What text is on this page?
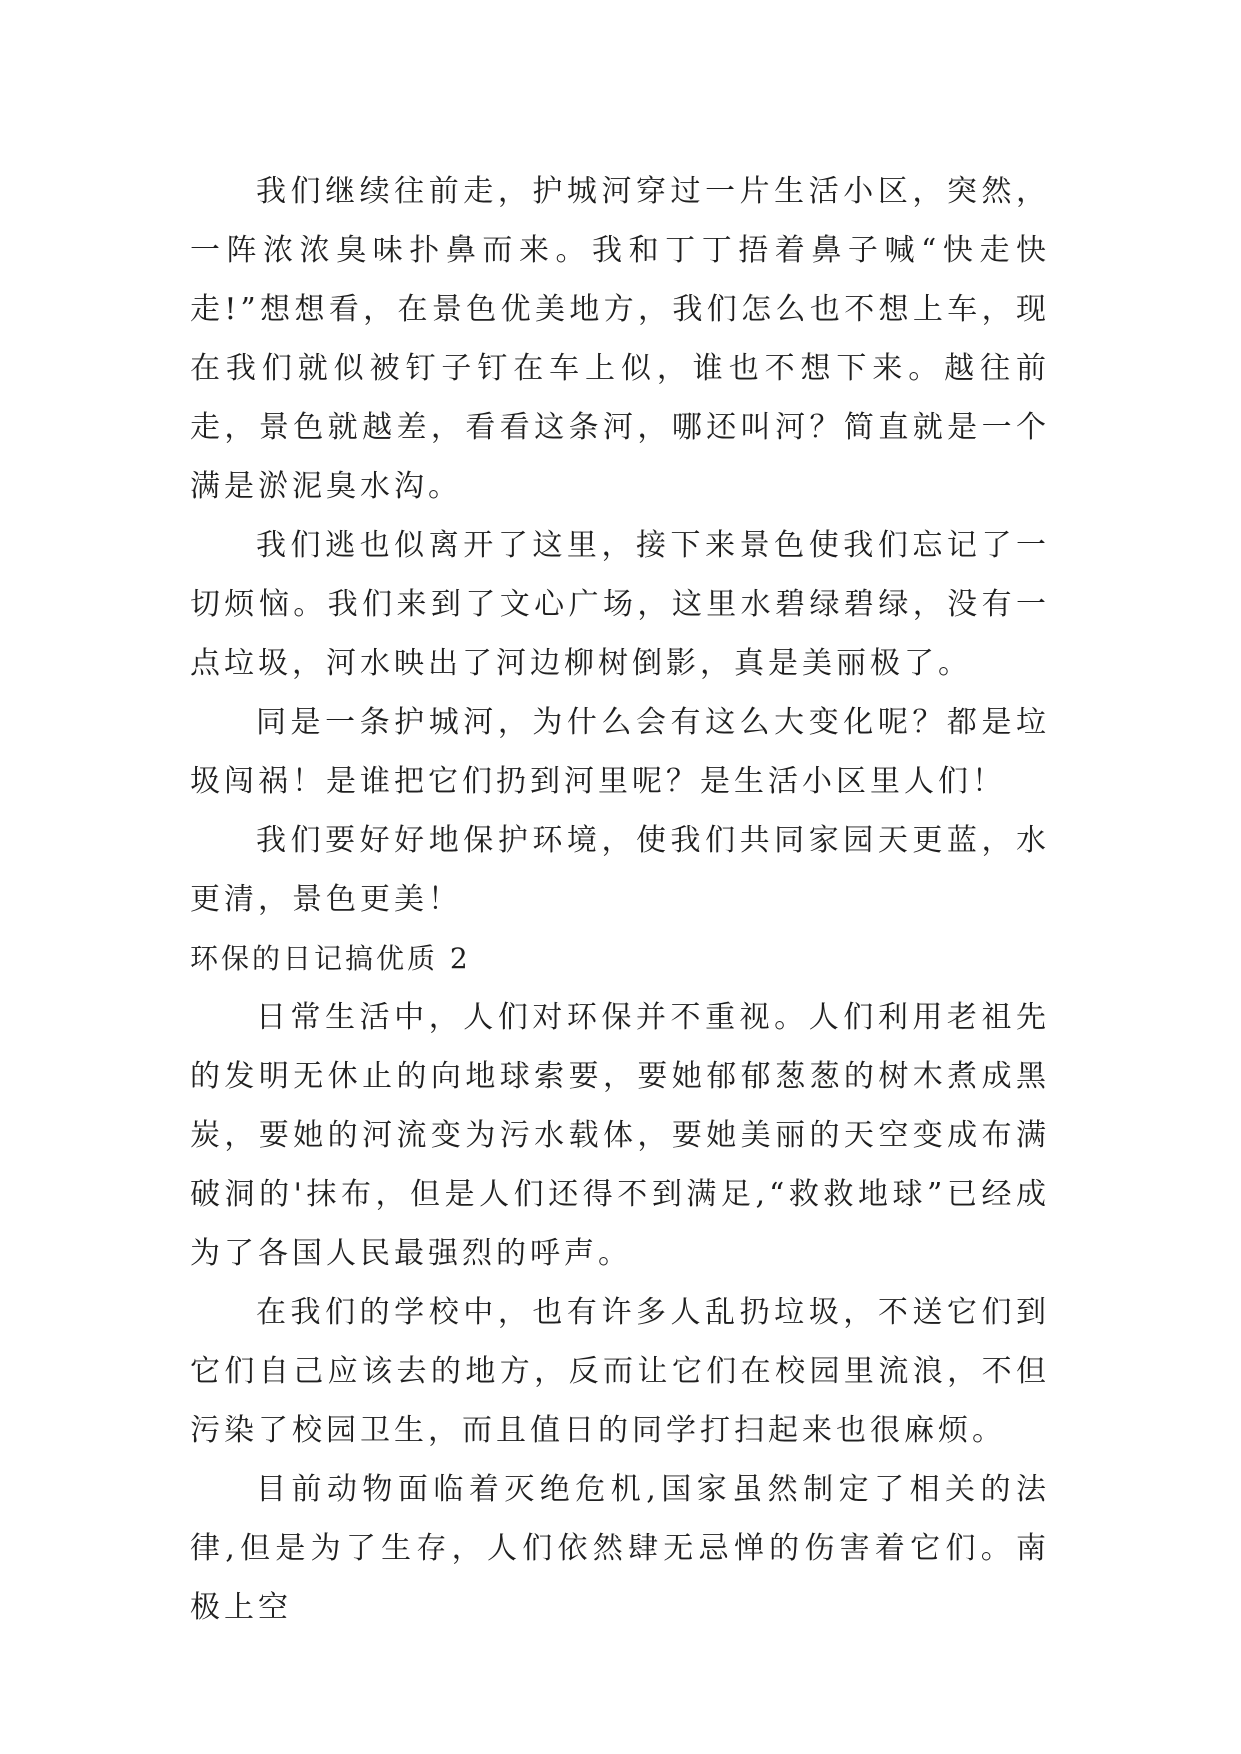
我们继续往前走，护城河穿过一片生活小区，突然，一阵浓浓臭味扑鼻而来。我和丁丁捂着鼻子喊“快走快走!”想想看，在景色优美地方，我们怎么也不想上车，现在我们就似被钉子钉在车上似，谁也不想下来。越往前走，景色就越差，看看这条河，哪还叫河？简直就是一个满是淤泥臭水沟。

我们逃也似离开了这里，接下来景色使我们忘记了一切烦恼。我们来到了文心广场，这里水碧绿碧绿，没有一点垃圾，河水映出了河边柳树倒影，真是美丽极了。

同是一条护城河，为什么会有这么大变化呢？都是垃圾闯祸！是谁把它们扔到河里呢？是生活小区里人们！

我们要好好地保护环境，使我们共同家园天更蓝，水更清，景色更美！

环保的日记搞优质 2

日常生活中，人们对环保并不重视。人们利用老祖先的发明无休止的向地球索要，要她郁郁葱葱的树木煮成黑炭，要她的河流变为污水载体，要她美丽的天空变成布满破洞的'抹布，但是人们还得不到满足,“救救地球”已经成为了各国人民最强烈的呼声。

在我们的学校中，也有许多人乱扔垃圾，不送它们到它们自己应该去的地方，反而让它们在校园里流浪，不但污染了校园卫生，而且值日的同学打扫起来也很麻烦。

目前动物面临着灭绝危机,国家虽然制定了相关的法律,但是为了生存，人们依然肆无忌惮的伤害着它们。南极上空
